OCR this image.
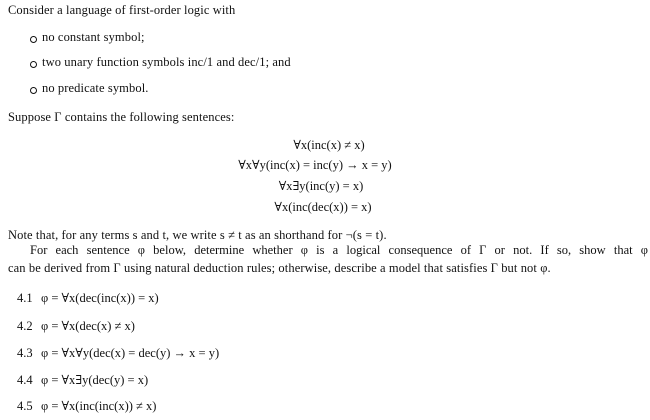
Consider a language of first-order logic with
no constant symbol;
two unary function symbols inc/1 and dec/1; and
no predicate symbol.
Suppose Γ contains the following sentences:
∀x(inc(x) ≠ x)
∀x∀y(inc(x) = inc(y) → x = y)
∀x∃y(inc(y) = x)
∀x(inc(dec(x)) = x)
Note that, for any terms s and t, we write s ≠ t as an shorthand for ¬(s = t).
For each sentence φ below, determine whether φ is a logical consequence of Γ or not. If so, show that φ
can be derived from Γ using natural deduction rules; otherwise, describe a model that satisfies Γ but not φ.
4.1 φ = ∀x(dec(inc(x)) = x)
4.2 φ = ∀x(dec(x) ≠ x)
4.3 φ = ∀x∀y(dec(x) = dec(y) → x = y)
4.4 φ = ∀x∃y(dec(y) = x)
4.5 φ = ∀x(inc(inc(x)) ≠ x)
